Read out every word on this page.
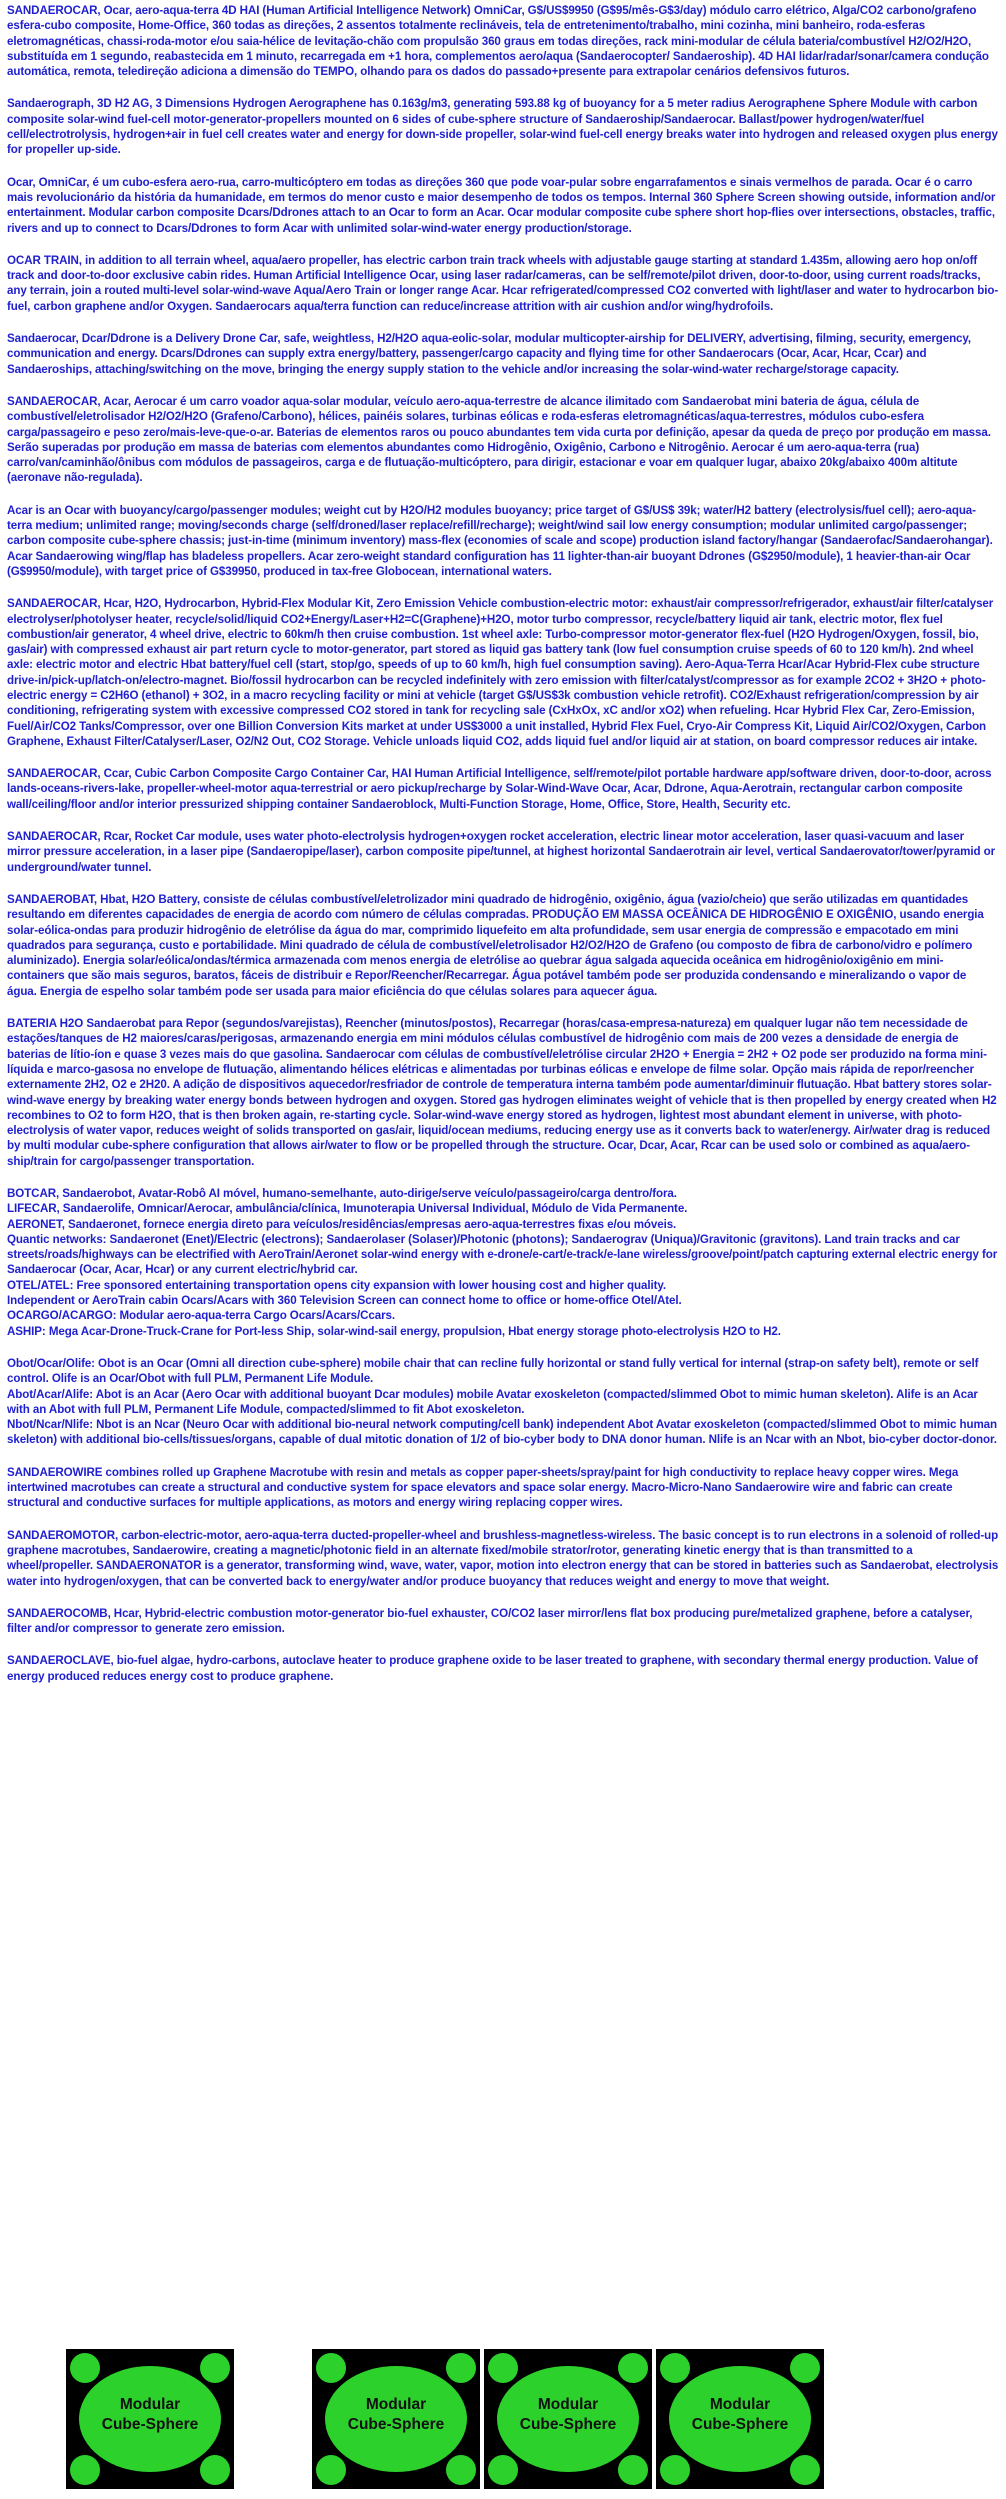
SANDAEROCAR, Ocar, aero-aqua-terra 4D HAI (Human Artificial Intelligence Network) OmniCar, G$/US$9950 (G$95/mês-G$3/day) módulo carro elétrico, Alga/CO2 carbono/grafeno esfera-cubo composite, Home-Office, 360 todas as direções, 2 assentos totalmente reclináveis, tela de entretenimento/trabalho, mini cozinha, mini banheiro, roda-esferas eletromagnéticas, chassi-roda-motor e/ou saia-hélice de levitação-chão com propulsão 360 graus em todas direções, rack mini-modular de célula bateria/combustível H2/O2/H2O, substituída em 1 segundo, reabastecida em 1 minuto, recarregada em +1 hora, complementos aero/aqua (Sandaerocopter/ Sandaeroship). 4D HAI lidar/radar/sonar/camera condução automática, remota, teledireção adiciona a dimensão do TEMPO, olhando para os dados do passado+presente para extrapolar cenários defensivos futuros.

Sandaerograph, 3D H2 AG, 3 Dimensions Hydrogen Aerographene has 0.163g/m3, generating 593.88 kg of buoyancy for a 5 meter radius Aerographene Sphere Module with carbon composite solar-wind fuel-cell motor-generator-propellers mounted on 6 sides of cube-sphere structure of Sandaeroship/Sandaerocar. Ballast/power hydrogen/water/fuel cell/electrotrolysis, hydrogen+air in fuel cell creates water and energy for down-side propeller, solar-wind fuel-cell energy breaks water into hydrogen and released oxygen plus energy for propeller up-side.

Ocar, OmniCar, é um cubo-esfera aero-rua, carro-multicóptero em todas as direções 360 que pode voar-pular sobre engarrafamentos e sinais vermelhos de parada. Ocar é o carro mais revolucionário da história da humanidade, em termos do menor custo e maior desempenho de todos os tempos. Internal 360 Sphere Screen showing outside, information and/or entertainment. Modular carbon composite Dcars/Ddrones attach to an Ocar to form an Acar. Ocar modular composite cube sphere short hop-flies over intersections, obstacles, traffic, rivers and up to connect to Dcars/Ddrones to form Acar with unlimited solar-wind-water energy production/storage.

OCAR TRAIN, in addition to all terrain wheel, aqua/aero propeller, has electric carbon train track wheels with adjustable gauge starting at standard 1.435m, allowing aero hop on/off track and door-to-door exclusive cabin rides. Human Artificial Intelligence Ocar, using laser radar/cameras, can be self/remote/pilot driven, door-to-door, using current roads/tracks, any terrain, join a routed multi-level solar-wind-wave Aqua/Aero Train or longer range Acar. Hcar refrigerated/compressed CO2 converted with light/laser and water to hydrocarbon bio-fuel, carbon graphene and/or Oxygen. Sandaerocars aqua/terra function can reduce/increase attrition with air cushion and/or wing/hydrofoils.

Sandaerocar, Dcar/Ddrone is a Delivery Drone Car, safe, weightless, H2/H2O aqua-eolic-solar, modular multicopter-airship for DELIVERY, advertising, filming, security, emergency, communication and energy. Dcars/Ddrones can supply extra energy/battery, passenger/cargo capacity and flying time for other Sandaerocars (Ocar, Acar, Hcar, Ccar) and Sandaeroships, attaching/switching on the move, bringing the energy supply station to the vehicle and/or increasing the solar-wind-water recharge/storage capacity.

SANDAEROCAR, Acar, Aerocar é um carro voador aqua-solar modular, veículo aero-aqua-terrestre de alcance ilimitado com Sandaerobat mini bateria de água, célula de combustível/eletrolisador H2/O2/H2O (Grafeno/Carbono), hélices, painéis solares, turbinas eólicas e roda-esferas eletromagnéticas/aqua-terrestres, módulos cubo-esfera carga/passageiro e peso zero/mais-leve-que-o-ar. Baterias de elementos raros ou pouco abundantes tem vida curta por definição, apesar da queda de preço por produção em massa. Serão superadas por produção em massa de baterias com elementos abundantes como Hidrogênio, Oxigênio, Carbono e Nitrogênio. Aerocar é um aero-aqua-terra (rua) carro/van/caminhão/ônibus com módulos de passageiros, carga e de flutuação-multicóptero, para dirigir, estacionar e voar em qualquer lugar, abaixo 20kg/abaixo 400m altitute (aeronave não-regulada).

Acar is an Ocar with buoyancy/cargo/passenger modules; weight cut by H2O/H2 modules buoyancy; price target of G$/US$ 39k; water/H2 battery (electrolysis/fuel cell); aero-aqua-terra medium; unlimited range; moving/seconds charge (self/droned/laser replace/refill/recharge); weight/wind sail low energy consumption; modular unlimited cargo/passenger; carbon composite cube-sphere chassis; just-in-time (minimum inventory) mass-flex (economies of scale and scope) production island factory/hangar (Sandaerofac/Sandaerohangar). Acar Sandaerowing wing/flap has bladeless propellers. Acar zero-weight standard configuration has 11 lighter-than-air buoyant Ddrones (G$2950/module), 1 heavier-than-air Ocar (G$9950/module), with target price of G$39950, produced in tax-free Globocean, international waters.

SANDAEROCAR, Hcar, H2O, Hydrocarbon, Hybrid-Flex Modular Kit, Zero Emission Vehicle combustion-electric motor: exhaust/air compressor/refrigerador, exhaust/air filter/catalyser electrolyser/photolyser heater, recycle/solid/liquid CO2+Energy/Laser+H2=C(Graphene)+H2O, motor turbo compressor, recycle/battery liquid air tank, electric motor, flex fuel combustion/air generator, 4 wheel drive, electric to 60km/h then cruise combustion. 1st wheel axle: Turbo-compressor motor-generator flex-fuel (H2O Hydrogen/Oxygen, fossil, bio, gas/air) with compressed exhaust air part return cycle to motor-generator, part stored as liquid gas battery tank (low fuel consumption cruise speeds of 60 to 120 km/h). 2nd wheel axle: electric motor and electric Hbat battery/fuel cell (start, stop/go, speeds of up to 60 km/h, high fuel consumption saving). Aero-Aqua-Terra Hcar/Acar Hybrid-Flex cube structure drive-in/pick-up/latch-on/electro-magnet. Bio/fossil hydrocarbon can be recycled indefinitely with zero emission with filter/catalyst/compressor as for example 2CO2 + 3H2O + photo-electric energy = C2H6O (ethanol) + 3O2, in a macro recycling facility or mini at vehicle (target G$/US$3k combustion vehicle retrofit). CO2/Exhaust refrigeration/compression by air conditioning, refrigerating system with excessive compressed CO2 stored in tank for recycling sale (CxHxOx, xC and/or xO2) when refueling. Hcar Hybrid Flex Car, Zero-Emission, Fuel/Air/CO2 Tanks/Compressor, over one Billion Conversion Kits market at under US$3000 a unit installed, Hybrid Flex Fuel, Cryo-Air Compress Kit, Liquid Air/CO2/Oxygen, Carbon Graphene, Exhaust Filter/Catalyser/Laser, O2/N2 Out, CO2 Storage. Vehicle unloads liquid CO2, adds liquid fuel and/or liquid air at station, on board compressor reduces air intake.

SANDAEROCAR, Ccar, Cubic Carbon Composite Cargo Container Car, HAI Human Artificial Intelligence, self/remote/pilot portable hardware app/software driven, door-to-door, across lands-oceans-rivers-lake, propeller-wheel-motor aqua-terrestrial or aero pickup/recharge by Solar-Wind-Wave Ocar, Acar, Ddrone, Aqua-Aerotrain, rectangular carbon composite wall/ceiling/floor and/or interior pressurized shipping container Sandaeroblock, Multi-Function Storage, Home, Office, Store, Health, Security etc.

SANDAEROCAR, Rcar, Rocket Car module, uses water photo-electrolysis hydrogen+oxygen rocket acceleration, electric linear motor acceleration, laser quasi-vacuum and laser mirror pressure acceleration, in a laser pipe (Sandaeropipe/laser), carbon composite pipe/tunnel, at highest horizontal Sandaerotrain air level, vertical Sandaerovator/tower/pyramid or underground/water tunnel.

SANDAEROBAT, Hbat, H2O Battery, consiste de células combustível/eletrolizador mini quadrado de hidrogênio, oxigênio, água (vazio/cheio) que serão utilizadas em quantidades resultando em diferentes capacidades de energia de acordo com número de células compradas. PRODUÇÃO EM MASSA OCEÂNICA DE HIDROGÊNIO E OXIGÊNIO, usando energia solar-eólica-ondas para produzir hidrogênio de eletrólise da água do mar, comprimido liquefeito em alta profundidade, sem usar energia de compressão e empacotado em mini quadrados para segurança, custo e portabilidade. Mini quadrado de célula de combustível/eletrolisador H2/O2/H2O de Grafeno (ou composto de fibra de carbono/vidro e polímero aluminizado). Energia solar/eólica/ondas/térmica armazenada com menos energia de eletrólise ao quebrar água salgada aquecida oceânica em hidrogênio/oxigênio em mini-containers que são mais seguros, baratos, fáceis de distribuir e Repor/Reencher/Recarregar. Água potável também pode ser produzida condensando e mineralizando o vapor de água. Energia de espelho solar também pode ser usada para maior eficiência do que células solares para aquecer água.

BATERIA H2O Sandaerobat para Repor (segundos/varejistas), Reencher (minutos/postos), Recarregar (horas/casa-empresa-natureza) em qualquer lugar não tem necessidade de estações/tanques de H2 maiores/caras/perigosas, armazenando energia em mini módulos células combustível de hidrogênio com mais de 200 vezes a densidade de energia de baterias de lítio-íon e quase 3 vezes mais do que gasolina. Sandaerocar com células de combustível/eletrólise circular 2H2O + Energia = 2H2 + O2 pode ser produzido na forma mini-líquida e marco-gasosa no envelope de flutuação, alimentando hélices elétricas e alimentadas por turbinas eólicas e envelope de filme solar. Opção mais rápida de repor/reencher externamente 2H2, O2 e 2H20. A adição de dispositivos aquecedor/resfriador de controle de temperatura interna também pode aumentar/diminuir flutuação. Hbat battery stores solar-wind-wave energy by breaking water energy bonds between hydrogen and oxygen. Stored gas hydrogen eliminates weight of vehicle that is then propelled by energy created when H2 recombines to O2 to form H2O, that is then broken again, re-starting cycle. Solar-wind-wave energy stored as hydrogen, lightest most abundant element in universe, with photo-electrolysis of water vapor, reduces weight of solids transported on gas/air, liquid/ocean mediums, reducing energy use as it converts back to water/energy. Air/water drag is reduced by multi modular cube-sphere configuration that allows air/water to flow or be propelled through the structure. Ocar, Dcar, Acar, Rcar can be used solo or combined as aqua/aero-ship/train for cargo/passenger transportation.

BOTCAR, Sandaerobot, Avatar-Robô AI móvel, humano-semelhante, auto-dirige/serve veículo/passageiro/carga dentro/fora.
LIFECAR, Sandaerolife, Omnicar/Aerocar, ambulância/clínica, Imunoterapia Universal Individual, Módulo de Vida Permanente.
AERONET, Sandaeronet, fornece energia direto para veículos/residências/empresas aero-aqua-terrestres fixas e/ou móveis.
Quantic networks: Sandaeronet (Enet)/Electric (electrons); Sandaerolaser (Solaser)/Photonic (photons); Sandaerograv (Uniqua)/Gravitonic (gravitons). Land train tracks and car streets/roads/highways can be electrified with AeroTrain/Aeronet solar-wind energy with e-drone/e-cart/e-track/e-lane wireless/groove/point/patch capturing external electric energy for Sandaerocar (Ocar, Acar, Hcar) or any current electric/hybrid car.
OTEL/ATEL: Free sponsored entertaining transportation opens city expansion with lower housing cost and higher quality.
Independent or AeroTrain cabin Ocars/Acars with 360 Television Screen can connect home to office or home-office Otel/Atel.
OCARGO/ACARGO: Modular aero-aqua-terra Cargo Ocars/Acars/Ccars.
ASHIP: Mega Acar-Drone-Truck-Crane for Port-less Ship, solar-wind-sail energy, propulsion, Hbat energy storage photo-electrolysis H2O to H2.
Obot/Ocar/Olife: Obot is an Ocar (Omni all direction cube-sphere) mobile chair that can recline fully horizontal or stand fully vertical for internal (strap-on safety belt), remote or self control. Olife is an Ocar/Obot with full PLM, Permanent Life Module.
Abot/Acar/Alife: Abot is an Acar (Aero Ocar with additional buoyant Dcar modules) mobile Avatar exoskeleton (compacted/slimmed Obot to mimic human skeleton). Alife is an Acar with an Abot with full PLM, Permanent Life Module, compacted/slimmed to fit Abot exoskeleton.
Nbot/Ncar/Nlife: Nbot is an Ncar (Neuro Ocar with additional bio-neural network computing/cell bank) independent Abot Avatar exoskeleton (compacted/slimmed Obot to mimic human skeleton) with additional bio-cells/tissues/organs, capable of dual mitotic donation of 1/2 of bio-cyber body to DNA donor human. Nlife is an Ncar with an Nbot, bio-cyber doctor-donor.

SANDAEROWIRE combines rolled up Graphene Macrotube with resin and metals as copper paper-sheets/spray/paint for high conductivity to replace heavy copper wires. Mega intertwined macrotubes can create a structural and conductive system for space elevators and space solar energy. Macro-Micro-Nano Sandaerowire wire and fabric can create structural and conductive surfaces for multiple applications, as motors and energy wiring replacing copper wires.

SANDAEROMOTOR, carbon-electric-motor, aero-aqua-terra ducted-propeller-wheel and brushless-magnetless-wireless. The basic concept is to run electrons in a solenoid of rolled-up graphene macrotubes, Sandaerowire, creating a magnetic/photonic field in an alternate fixed/mobile strator/rotor, generating kinetic energy that is than transmitted to a wheel/propeller. SANDAERONATOR is a generator, transforming wind, wave, water, vapor, motion into electron energy that can be stored in batteries such as Sandaerobat, electrolysis water into hydrogen/oxygen, that can be converted back to energy/water and/or produce buoyancy that reduces weight and energy to move that weight.

SANDAEROCOMB, Hcar, Hybrid-electric combustion motor-generator bio-fuel exhauster, CO/CO2 laser mirror/lens flat box producing pure/metalized graphene, before a catalyser, filter and/or compressor to generate zero emission.

SANDAEROCLAVE, bio-fuel algae, hydro-carbons, autoclave heater to produce graphene oxide to be laser treated to graphene, with secondary thermal energy production. Value of energy produced reduces energy cost to produce graphene.

Modular
Cube-Sphere
Modular
Cube-Sphere
Modular
Cube-Sphere
Modular
Cube-Sphere
